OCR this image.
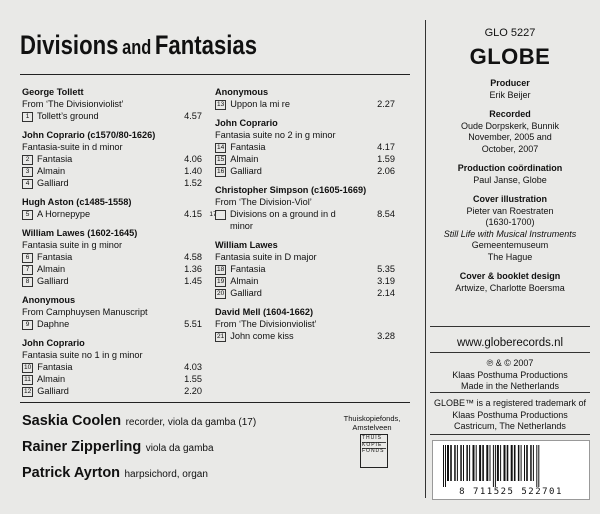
Divisions and Fantasias
George Tollett
From ‘The Divisionviolist’
1 Tollett’s ground	4.57
John Coprario (c1570/80-1626)
Fantasia-suite in d minor
2 Fantasia	4.06
3 Almain	1.40
4 Galliard	1.52
Hugh Aston (c1485-1558)
5 A Hornepype	4.15
William Lawes (1602-1645)
Fantasia suite in g minor
6 Fantasia	4.58
7 Almain	1.36
8 Galliard	1.45
Anonymous
From Camphuysen Manuscript
9 Daphne	5.51
John Coprario
Fantasia suite no 1 in g minor
10 Fantasia	4.03
11 Almain	1.55
12 Galliard	2.20
Anonymous
13 Uppon la mi re	2.27
John Coprario
Fantasia suite no 2 in g minor
14 Fantasia	4.17
15 Almain	1.59
16 Galliard	2.06
Christopher Simpson (c1605-1669)
From ‘The Division-Viol’
17 Divisions on a ground in d minor
8.54
William Lawes
Fantasia suite in D major
18 Fantasia	5.35
19 Almain	3.19
20 Galliard	2.14
David Mell (1604-1662)
From ‘The Divisionviolist’
21 John come kiss	3.28
Saskia Coolen recorder, viola da gamba (17)
Rainer Zipperling viola da gamba
Patrick Ayrton harpsichord, organ
Thuiskopiefonds,
Amstelveen
THUIS
KOPIE
FONDS
GLO 5227
GLOBE
Producer
Erik Beijer
Recorded
Oude Dorpskerk, Bunnik
November, 2005 and
October, 2007
Production coördination
Paul Janse, Globe
Cover illustration
Pieter van Roestraten
(1630-1700)
Still Life with Musical Instruments
Gemeentemuseum
The Hague
Cover & booklet design
Artwize, Charlotte Boersma
www.globerecords.nl
℗ & © 2007
Klaas Posthuma Productions
Made in the Netherlands
GLOBE™ is a registered trademark of
Klaas Posthuma Productions
Castricum, The Netherlands
8 711525 522701
